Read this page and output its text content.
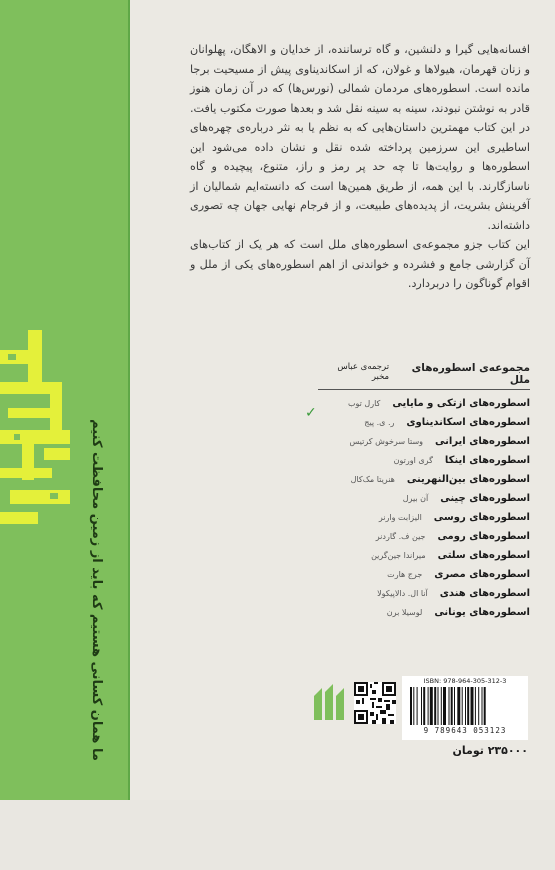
ما همان کسانی هستیم که باید از زمین محافظت کنیم

افسانه‌هایی گیرا و دلنشین، و گاه ترساننده، از خدایان و الاهگان، پهلوانان و زنان قهرمان، هیولاها و غولان، که از اسکاندیناوی پیش از مسیحیت برجا مانده است. اسطوره‌های مردمان شمالی (نورس‌ها) که در آن زمان هنوز قادر به نوشتن نبودند، سینه به سینه نقل شد و بعدها صورت مکتوب یافت. در این کتاب مهمترین داستان‌هایی که به نظم یا به نثر درباره‌ی چهره‌های اساطیری این سرزمین پرداخته شده نقل و نشان داده می‌شود این اسطوره‌ها و روایت‌ها تا چه حد پر رمز و راز، متنوع، پیچیده و گاه ناسازگارند. با این همه، از طریق همین‌ها است که دانسته‌ایم شمالیان از آفرینش بشریت، از پدیده‌های طبیعت، و از فرجام نهایی جهان چه تصوری داشته‌اند.

این کتاب جزو مجموعه‌ی اسطوره‌های ملل است که هر یک از کتاب‌های آن گزارشی جامع و فشرده و خواندنی از اهم اسطوره‌های یکی از ملل و اقوام گوناگون را دربردارد.

مجموعه‌ی اسطوره‌های ملل
ترجمه‌ی عباس مخبر
اسطوره‌های ازتکی و مایایی
کارل توب
اسطوره‌های اسکاندیناوی
ر. ی. پیج
اسطوره‌های ایرانی
وستا سرخوش کرتیس
اسطوره‌های اینکا
گری اورتون
اسطوره‌های بین‌النهرینی
هنریتا مک‌کال
اسطوره‌های چینی
آن بیرل
اسطوره‌های روسی
الیزابت وارنر
اسطوره‌های رومی
جین ف. گاردنر
اسطوره‌های سلتی
میراندا جین‌گرین
اسطوره‌های مصری
جرج هارت
اسطوره‌های هندی
آنا ال. دالاپیکولا
اسطوره‌های یونانی
لوسیلا برن
✓
ISBN: 978-964-305-312-3
9 789643 053123
۲۳۵۰۰۰ تومان
